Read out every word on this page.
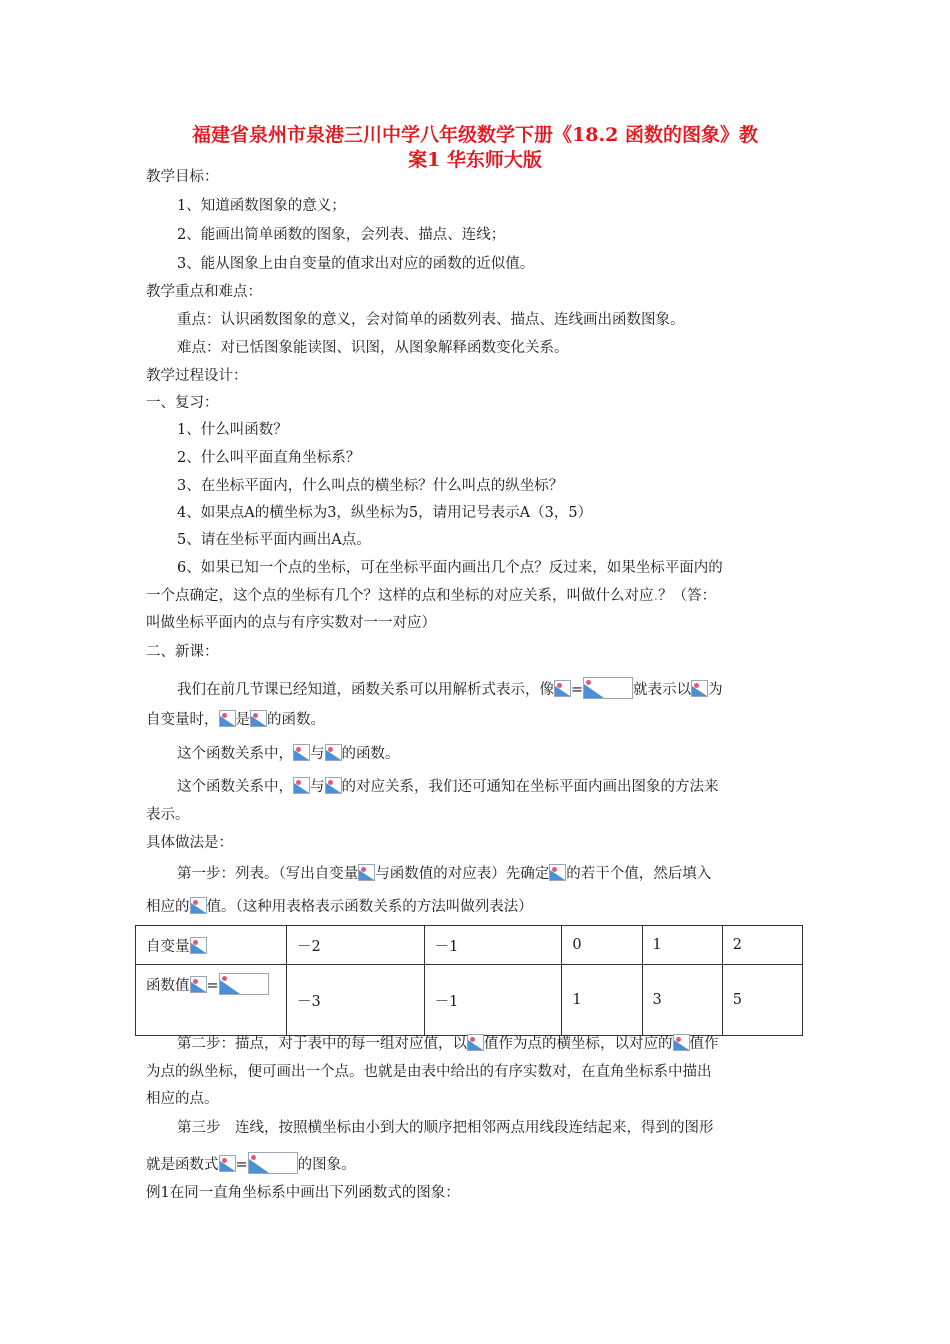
福建省泉州市泉港三川中学八年级数学下册《18.2 函数的图象》教
案1 华东师大版
教学目标：
1、知道函数图象的意义；
2、能画出简单函数的图象，会列表、描点、连线；
3、能从图象上由自变量的值求出对应的函数的近似值。
教学重点和难点：
重点：认识函数图象的意义，会对简单的函数列表、描点、连线画出函数图象。
难点：对已恬图象能读图、识图，从图象解释函数变化关系。
教学过程设计：
一、复习：
1、什么叫函数？
2、什么叫平面直角坐标系？
3、在坐标平面内，什么叫点的横坐标？什么叫点的纵坐标？
4、如果点A的横坐标为3，纵坐标为5，请用记号表示A（3，5）
5、请在坐标平面内画出A点。
6、如果已知一个点的坐标，可在坐标平面内画出几个点？反过来，如果坐标平面内的
一个点确定，这个点的坐标有几个？这样的点和坐标的对应关系，叫做什么对应.？（答：
叫做坐标平面内的点与有序实数对一一对应）
二、新课：
我们在前几节课已经知道，函数关系可以用解析式表示，像 =	就表示以 为
自变量时， 是 的函数。
这个函数关系中， 与 的函数。
这个函数关系中， 与 的对应关系，我们还可通知在坐标平面内画出图象的方法来
表示。
具体做法是：
第一步：列表。（写出自变量 与函数值的对应表）先确定 的若干个值，然后填入
相应的 值。（这种用表格表示函数关系的方法叫做列表法）
自变量	－2	－1	0	1	2
函数值 =	－3	－1	1	3	5
第二步：描点，对于表中的每一组对应值，以 值作为点的横坐标，以对应的 值作
为点的纵坐标，便可画出一个点。也就是由表中给出的有序实数对，在直角坐标系中描出
相应的点。
第三步　连线，按照横坐标由小到大的顺序把相邻两点用线段连结起来，得到的图形
就是函数式 =	的图象。
例1在同一直角坐标系中画出下列函数式的图象：
